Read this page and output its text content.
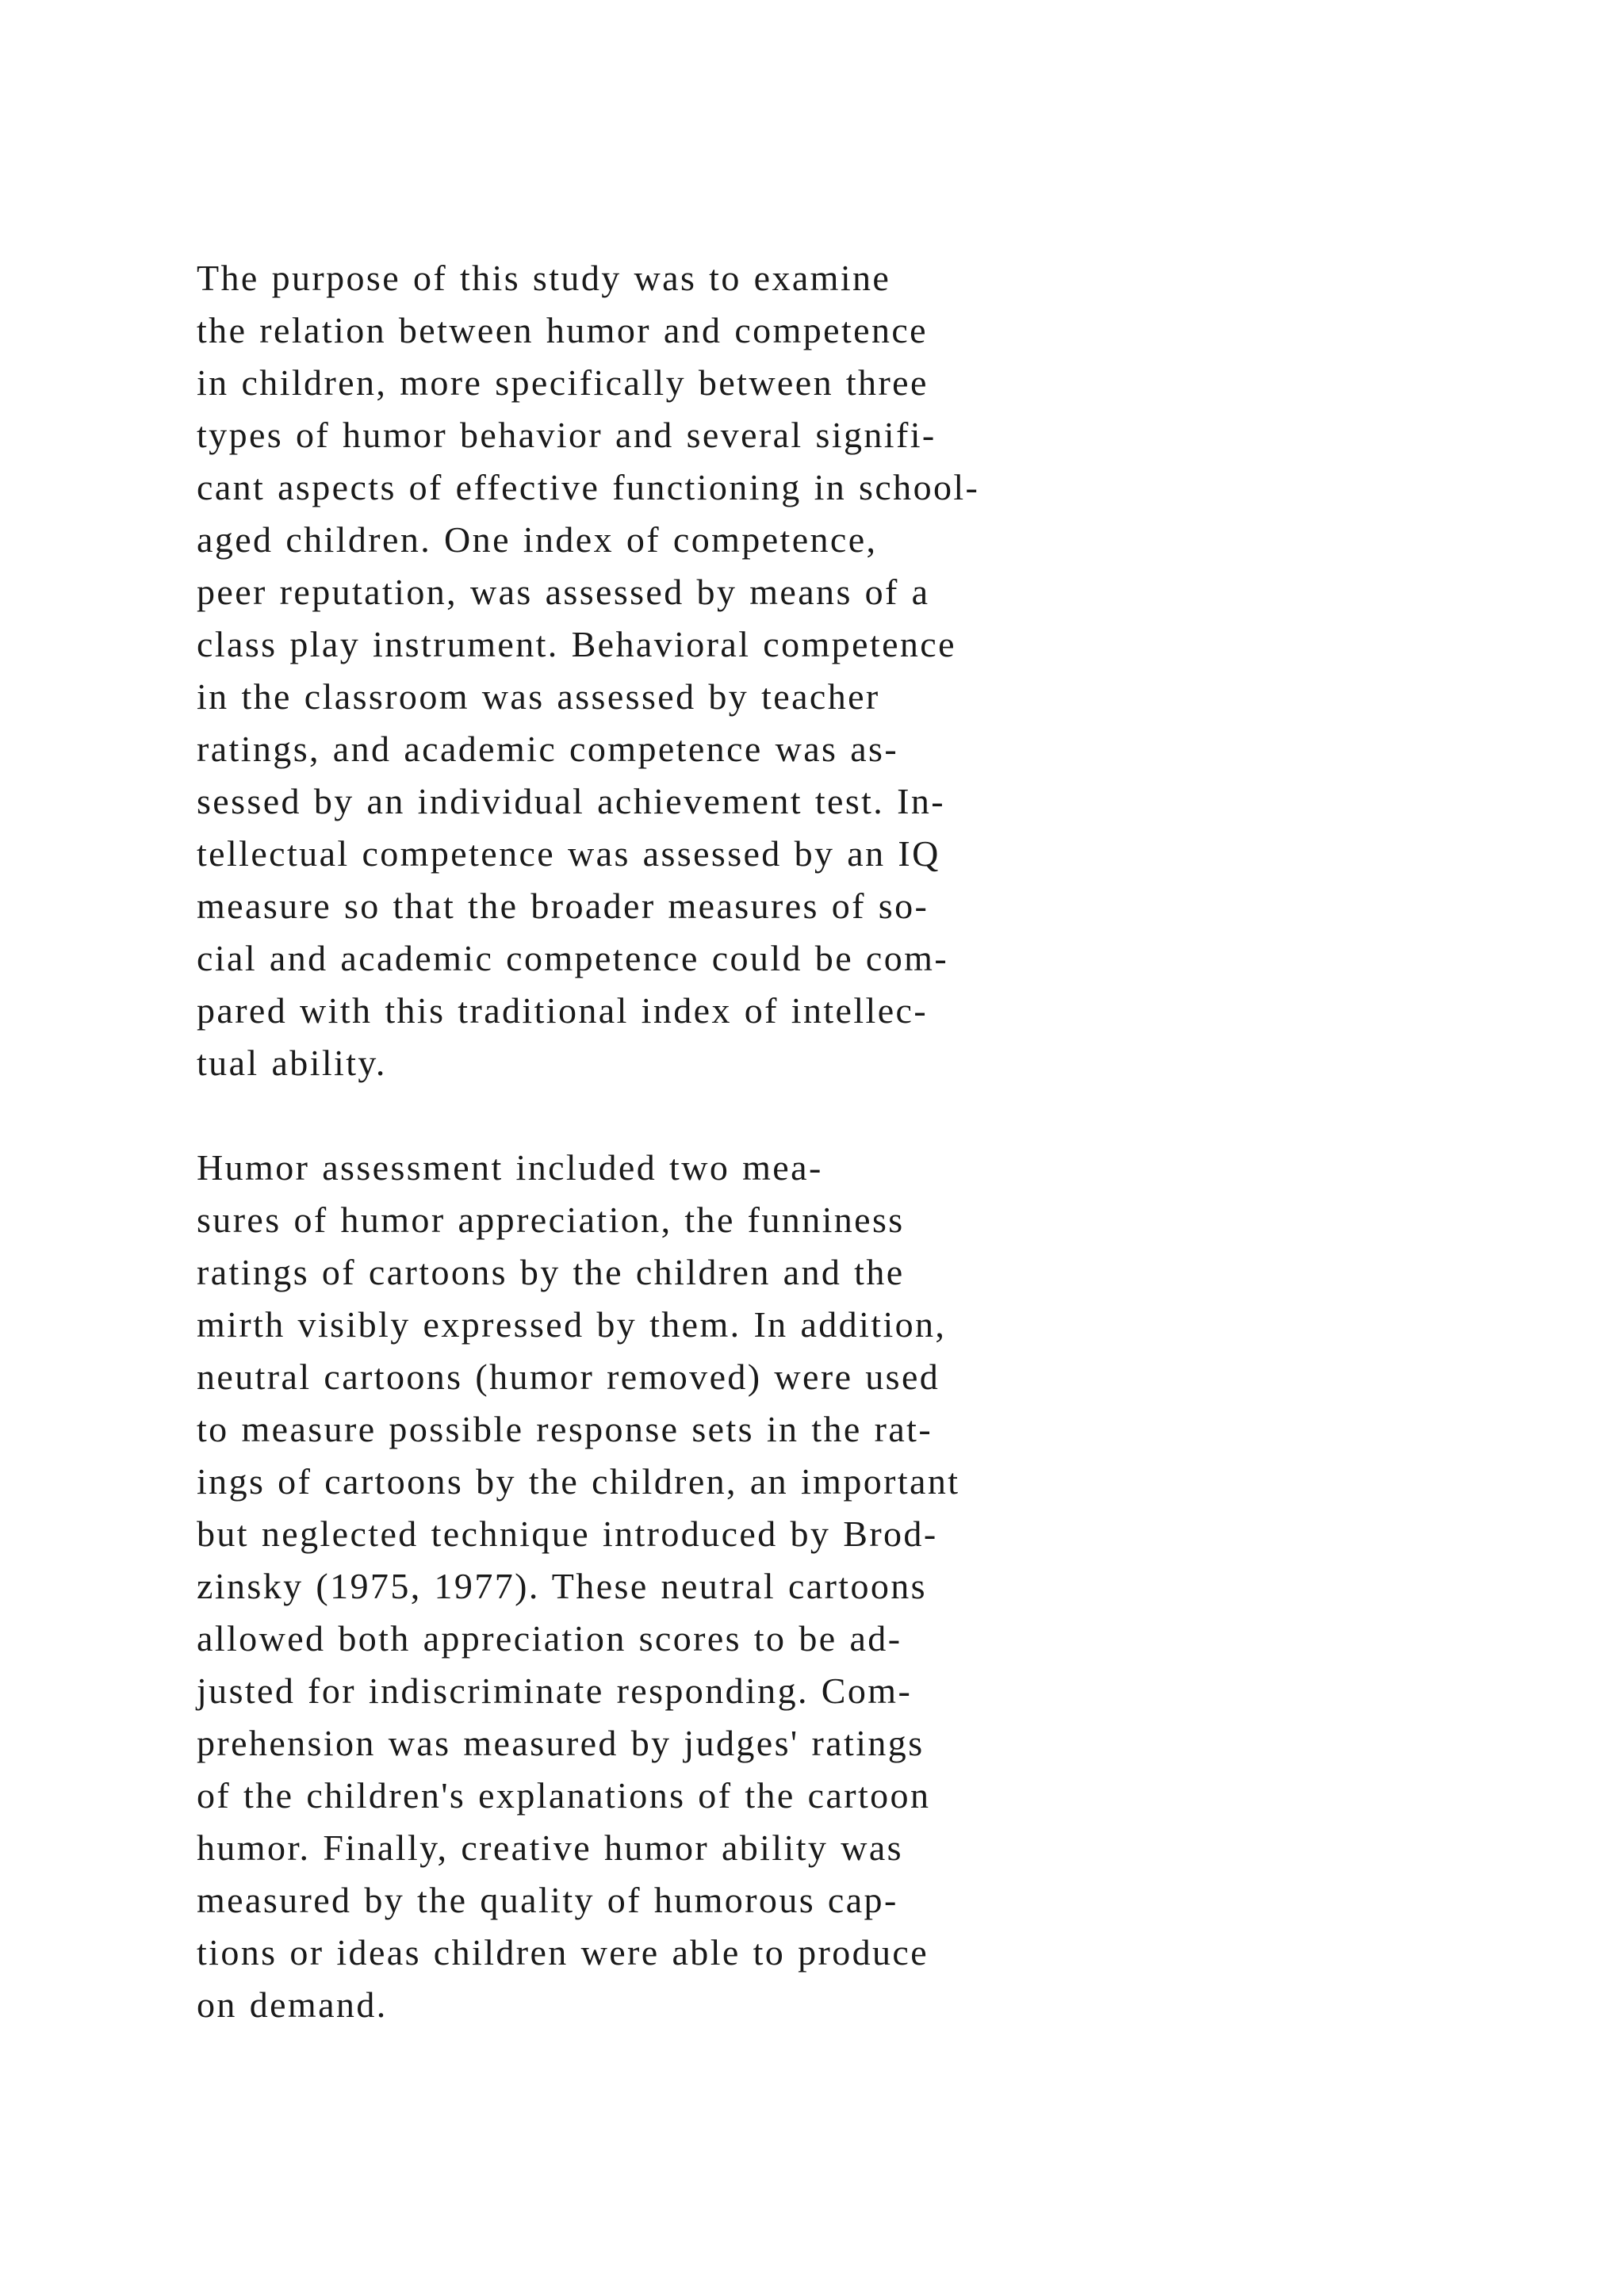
The purpose of this study was to examine
the relation between humor and competence
in children, more specifically between three
types of humor behavior and several signifi-
cant aspects of effective functioning in school-
aged children. One index of competence,
peer reputation, was assessed by means of a
class play instrument. Behavioral competence
in the classroom was assessed by teacher
ratings, and academic competence was as-
sessed by an individual achievement test. In-
tellectual competence was assessed by an IQ
measure so that the broader measures of so-
cial and academic competence could be com-
pared with this traditional index of intellec-
tual ability.
Humor assessment included two mea-
sures of humor appreciation, the funniness
ratings of cartoons by the children and the
mirth visibly expressed by them. In addition,
neutral cartoons (humor removed) were used
to measure possible response sets in the rat-
ings of cartoons by the children, an important
but neglected technique introduced by Brod-
zinsky (1975, 1977). These neutral cartoons
allowed both appreciation scores to be ad-
justed for indiscriminate responding. Com-
prehension was measured by judges' ratings
of the children's explanations of the cartoon
humor. Finally, creative humor ability was
measured by the quality of humorous cap-
tions or ideas children were able to produce
on demand.
